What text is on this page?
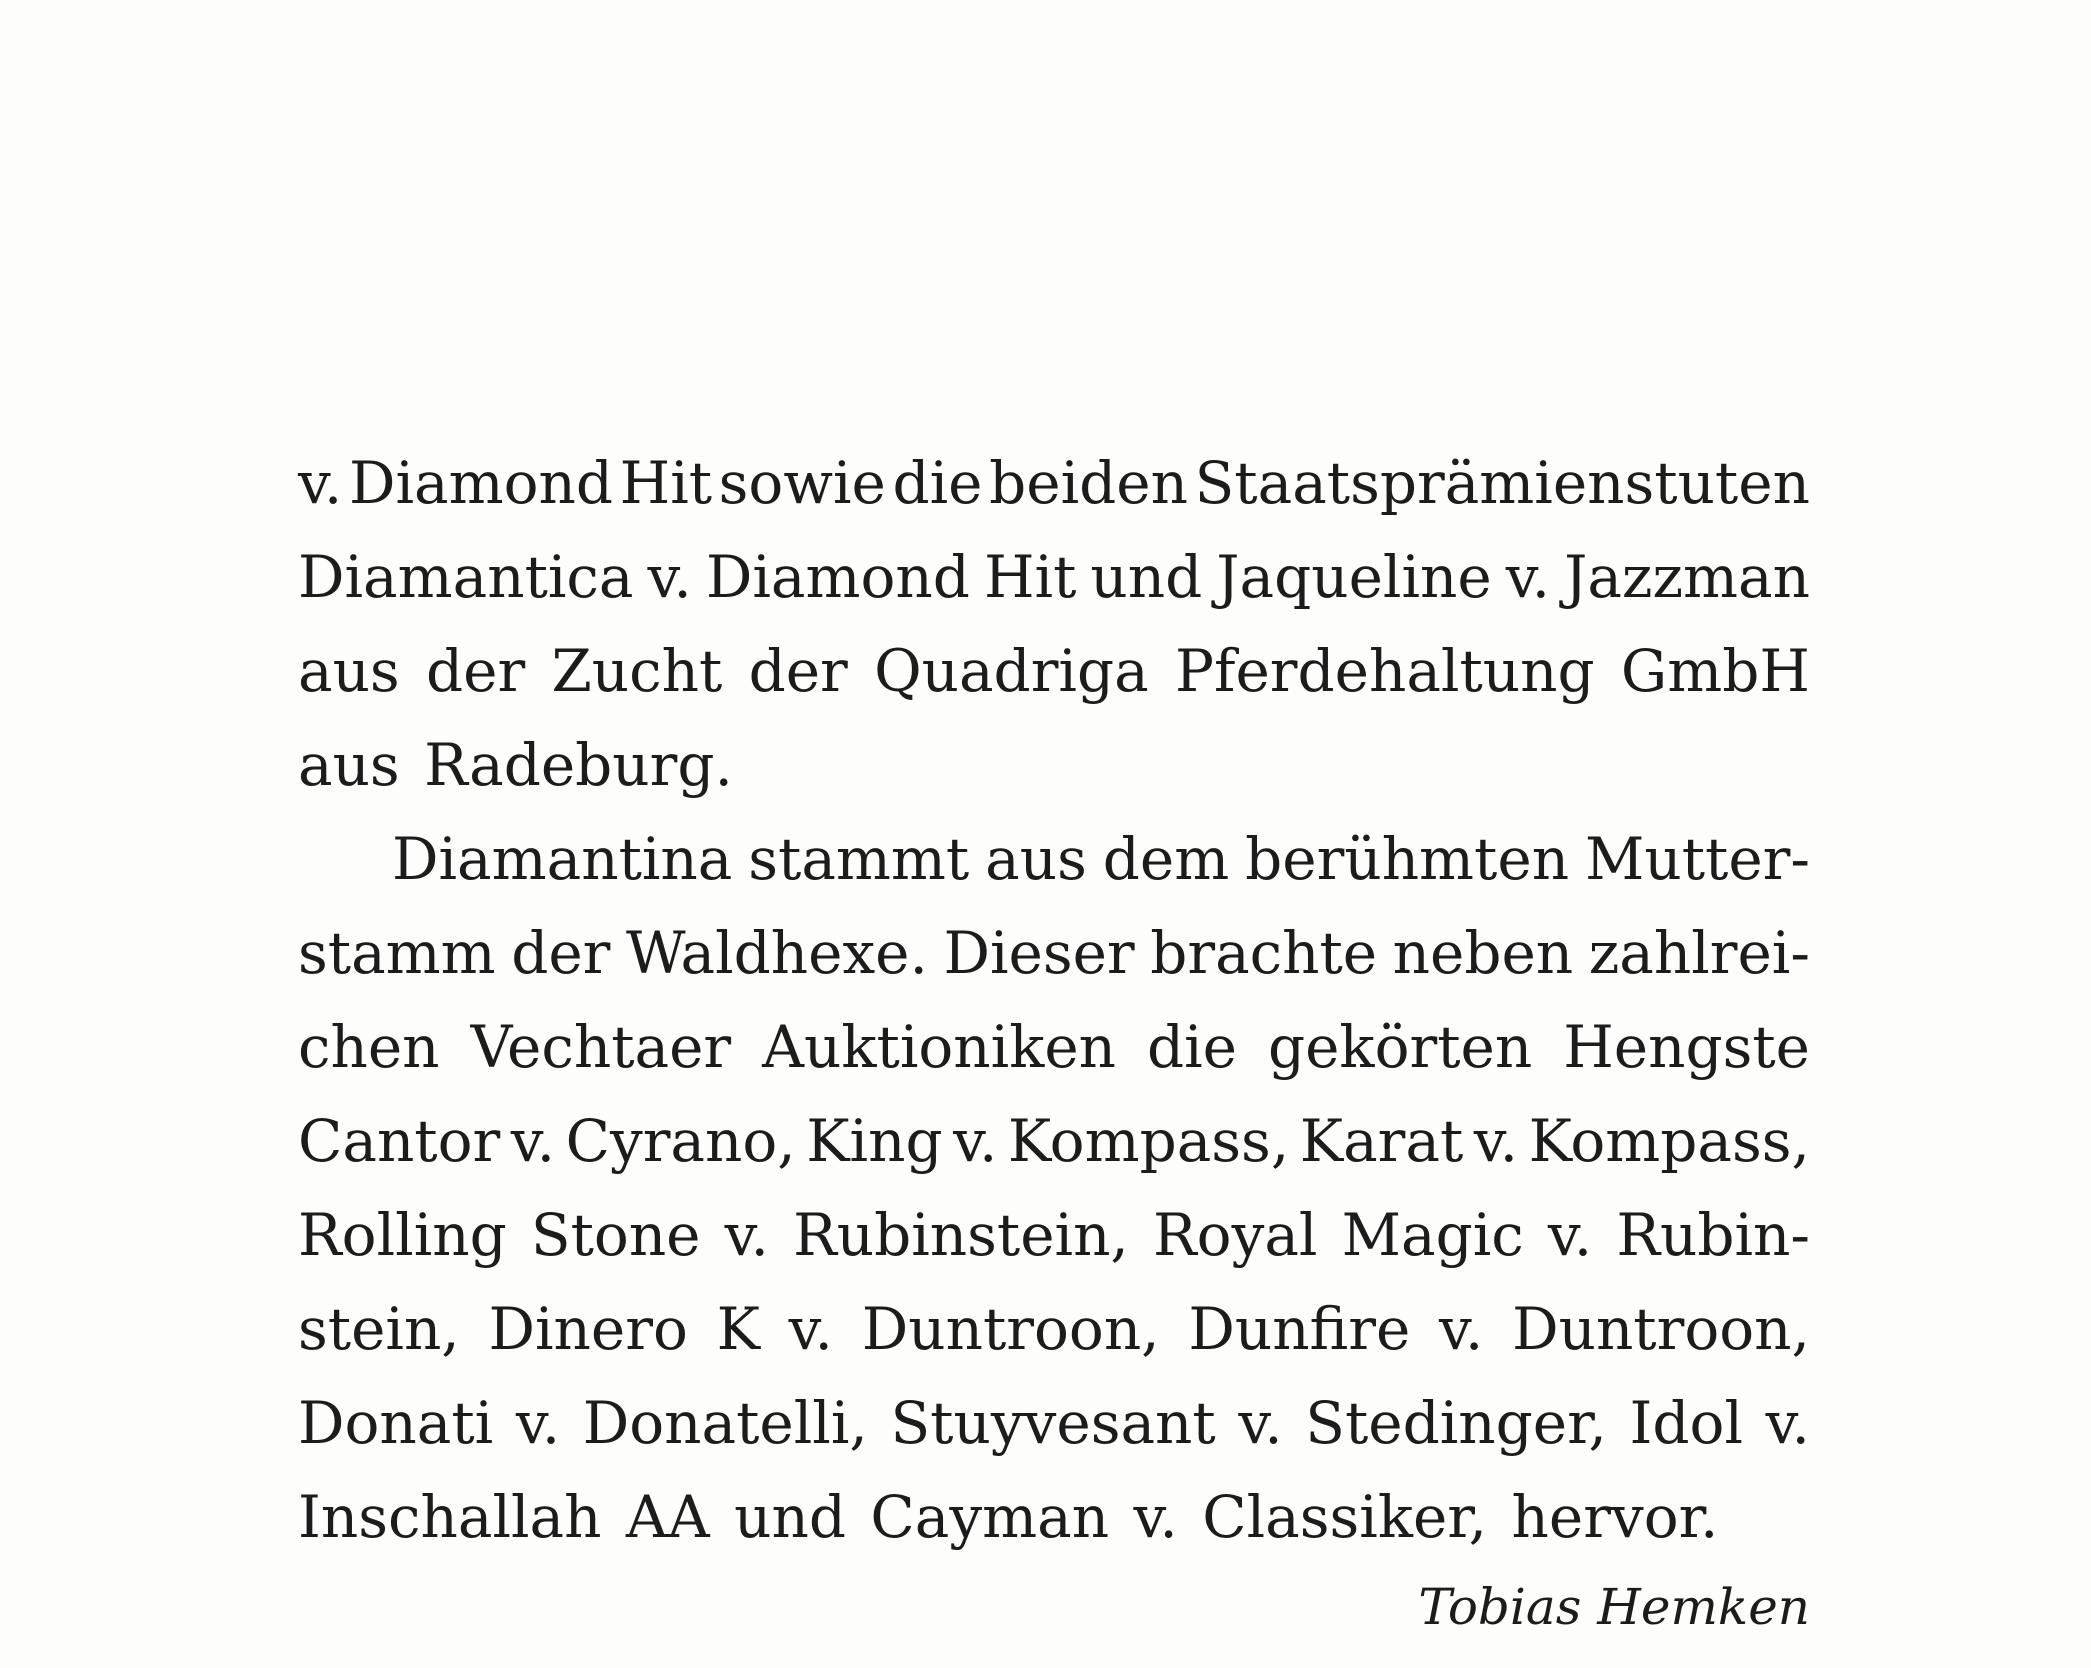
v. Diamond Hit sowie die beiden Staatsprämienstuten
Diamantica v. Diamond Hit und Jaqueline v. Jazzman
aus der Zucht der Quadriga Pferdehaltung GmbH
aus Radeburg.
Diamantina stammt aus dem berühmten Mutter-
stamm der Waldhexe. Dieser brachte neben zahlrei-
chen Vechtaer Auktioniken die gekörten Hengste
Cantor v. Cyrano, King v. Kompass, Karat v. Kompass,
Rolling Stone v. Rubinstein, Royal Magic v. Rubin-
stein, Dinero K v. Duntroon, Dunfire v. Duntroon,
Donati v. Donatelli, Stuyvesant v. Stedinger, Idol v.
Inschallah AA und Cayman v. Classiker, hervor.
Tobias Hemken
